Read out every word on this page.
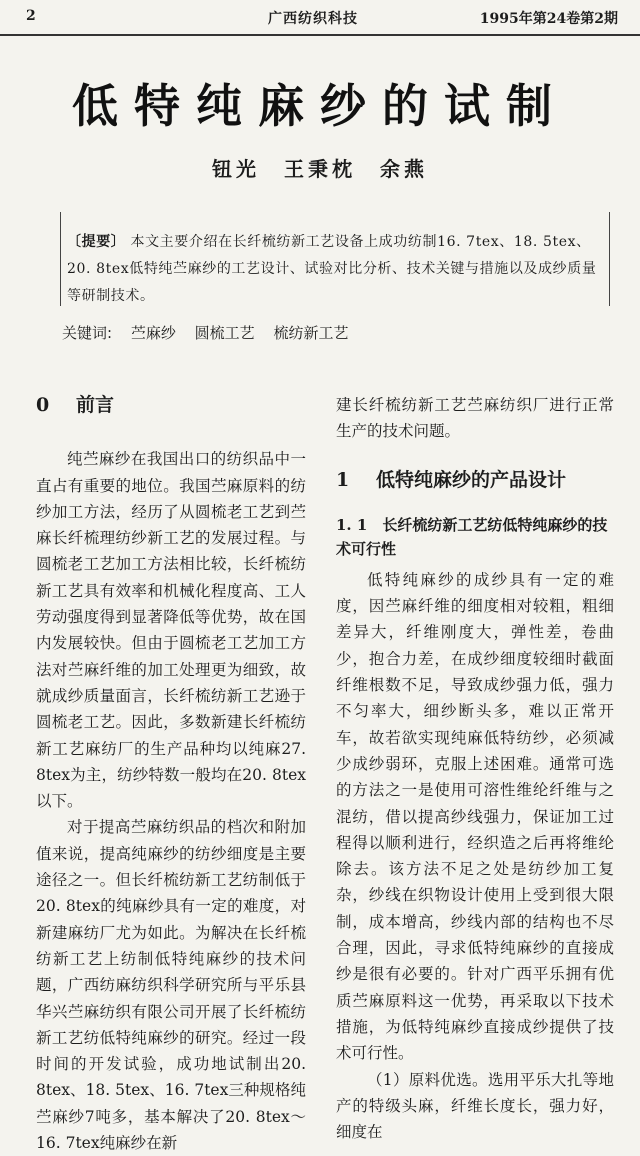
2	广西纺织科技	1995年第24卷第2期
低特纯麻纱的试制
钮光　王秉枕　余燕
〔提要〕 本文主要介绍在长纤梳纺新工艺设备上成功纺制16. 7tex、18. 5tex、20. 8tex低特纯苎麻纱的工艺设计、试验对比分析、技术关键与措施以及成纱质量等研制技术。
关键词: 苎麻纱 圆梳工艺 梳纺新工艺
0 前言

纯苎麻纱在我国出口的纺织品中一直占有重要的地位。我国苎麻原料的纺纱加工方法，经历了从圆梳老工艺到苎麻长纤梳理纺纱新工艺的发展过程。与圆梳老工艺加工方法相比较，长纤梳纺新工艺具有效率和机械化程度高、工人劳动强度得到显著降低等优势，故在国内发展较快。但由于圆梳老工艺加工方法对苎麻纤维的加工处理更为细致，故就成纱质量面言，长纤梳纺新工艺逊于圆梳老工艺。因此，多数新建长纤梳纺新工艺麻纺厂的生产品种均以纯麻27. 8tex为主，纺纱特数一般均在20. 8tex以下。

对于提高苎麻纺织品的档次和附加值来说，提高纯麻纱的纺纱细度是主要途径之一。但长纤梳纺新工艺纺制低于20. 8tex的纯麻纱具有一定的难度，对新建麻纺厂尤为如此。为解决在长纤梳纺新工艺上纺制低特纯麻纱的技术问题，广西纺麻纺织科学研究所与平乐县华兴苎麻纺织有限公司开展了长纤梳纺新工艺纺低特纯麻纱的研究。经过一段时间的开发试验，成功地试制出20. 8tex、18. 5tex、16. 7tex三种规格纯苎麻纱7吨多，基本解决了20. 8tex～16. 7tex纯麻纱在新

建长纤梳纺新工艺苎麻纺织厂进行正常生产的技术问题。

1 低特纯麻纱的产品设计
1. 1　 长纤梳纺新工艺纺低特纯麻纱的技术可行性

低特纯麻纱的成纱具有一定的难度，因苎麻纤维的细度相对较粗，粗细差异大，纤维刚度大，弹性差，卷曲少，抱合力差，在成纱细度较细时截面纤维根数不足，导致成纱强力低，强力不匀率大，细纱断头多，难以正常开车，故若欲实现纯麻低特纺纱，必须减少成纱弱环，克服上述困难。通常可选的方法之一是使用可溶性维纶纤维与之混纺，借以提高纱线强力，保证加工过程得以顺利进行，经织造之后再将维纶除去。该方法不足之处是纺纱加工复杂，纱线在织物设计使用上受到很大限制，成本增高，纱线内部的结构也不尽合理，因此，寻求低特纯麻纱的直接成纱是很有必要的。针对广西平乐拥有优质苎麻原料这一优势，再采取以下技术措施，为低特纯麻纱直接成纱提供了技术可行性。

（1）原料优选。选用平乐大扎等地产的特级头麻，纤维长度长，强力好，细度在
